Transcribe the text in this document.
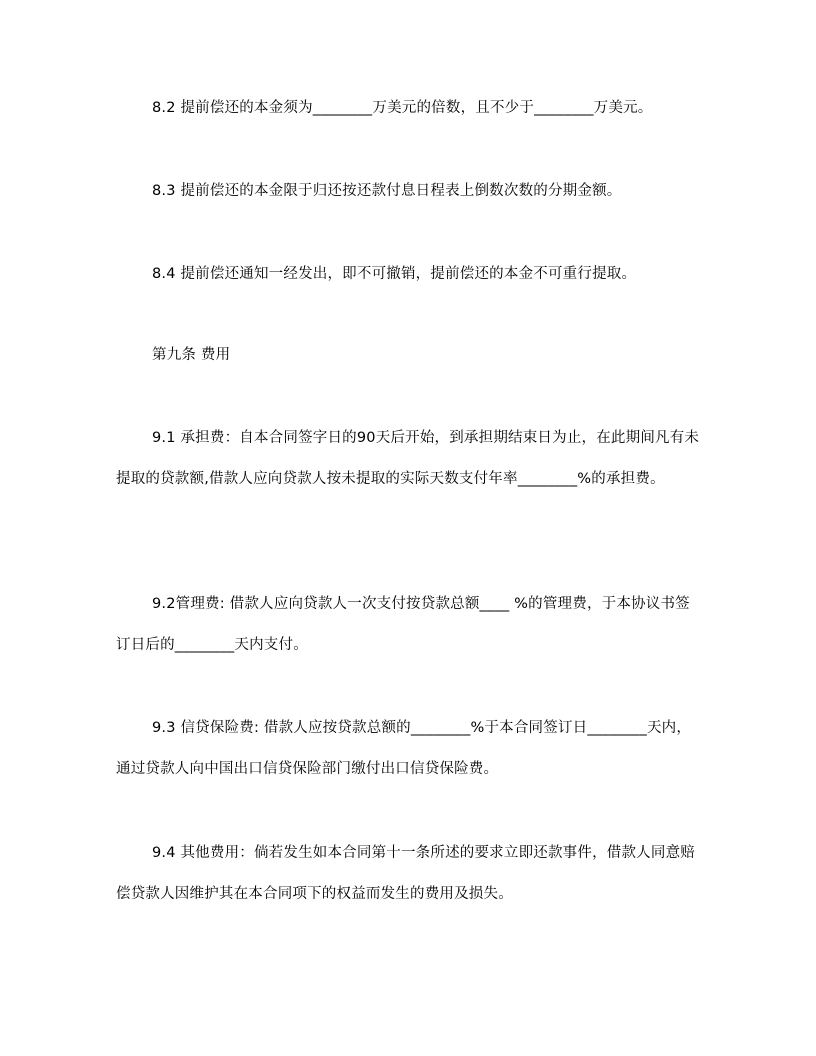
8.2 提前偿还的本金须为________万美元的倍数，且不少于________万美元。

8.3 提前偿还的本金限于归还按还款付息日程表上倒数次数的分期金额。

8.4 提前偿还通知一经发出，即不可撤销，提前偿还的本金不可重行提取。

第九条 费用

9.1 承担费：自本合同签字日的90天后开始，到承担期结束日为止，在此期间凡有未提取的贷款额,借款人应向贷款人按未提取的实际天数支付年率________%的承担费。

9.2管理费: 借款人应向贷款人一次支付按贷款总额____ %的管理费，于本协议书签订日后的________天内支付。

9.3 信贷保险费: 借款人应按贷款总额的________%于本合同签订日________天内，通过贷款人向中国出口信贷保险部门缴付出口信贷保险费。

9.4 其他费用：倘若发生如本合同第十一条所述的要求立即还款事件，借款人同意赔偿贷款人因维护其在本合同项下的权益而发生的费用及损失。
